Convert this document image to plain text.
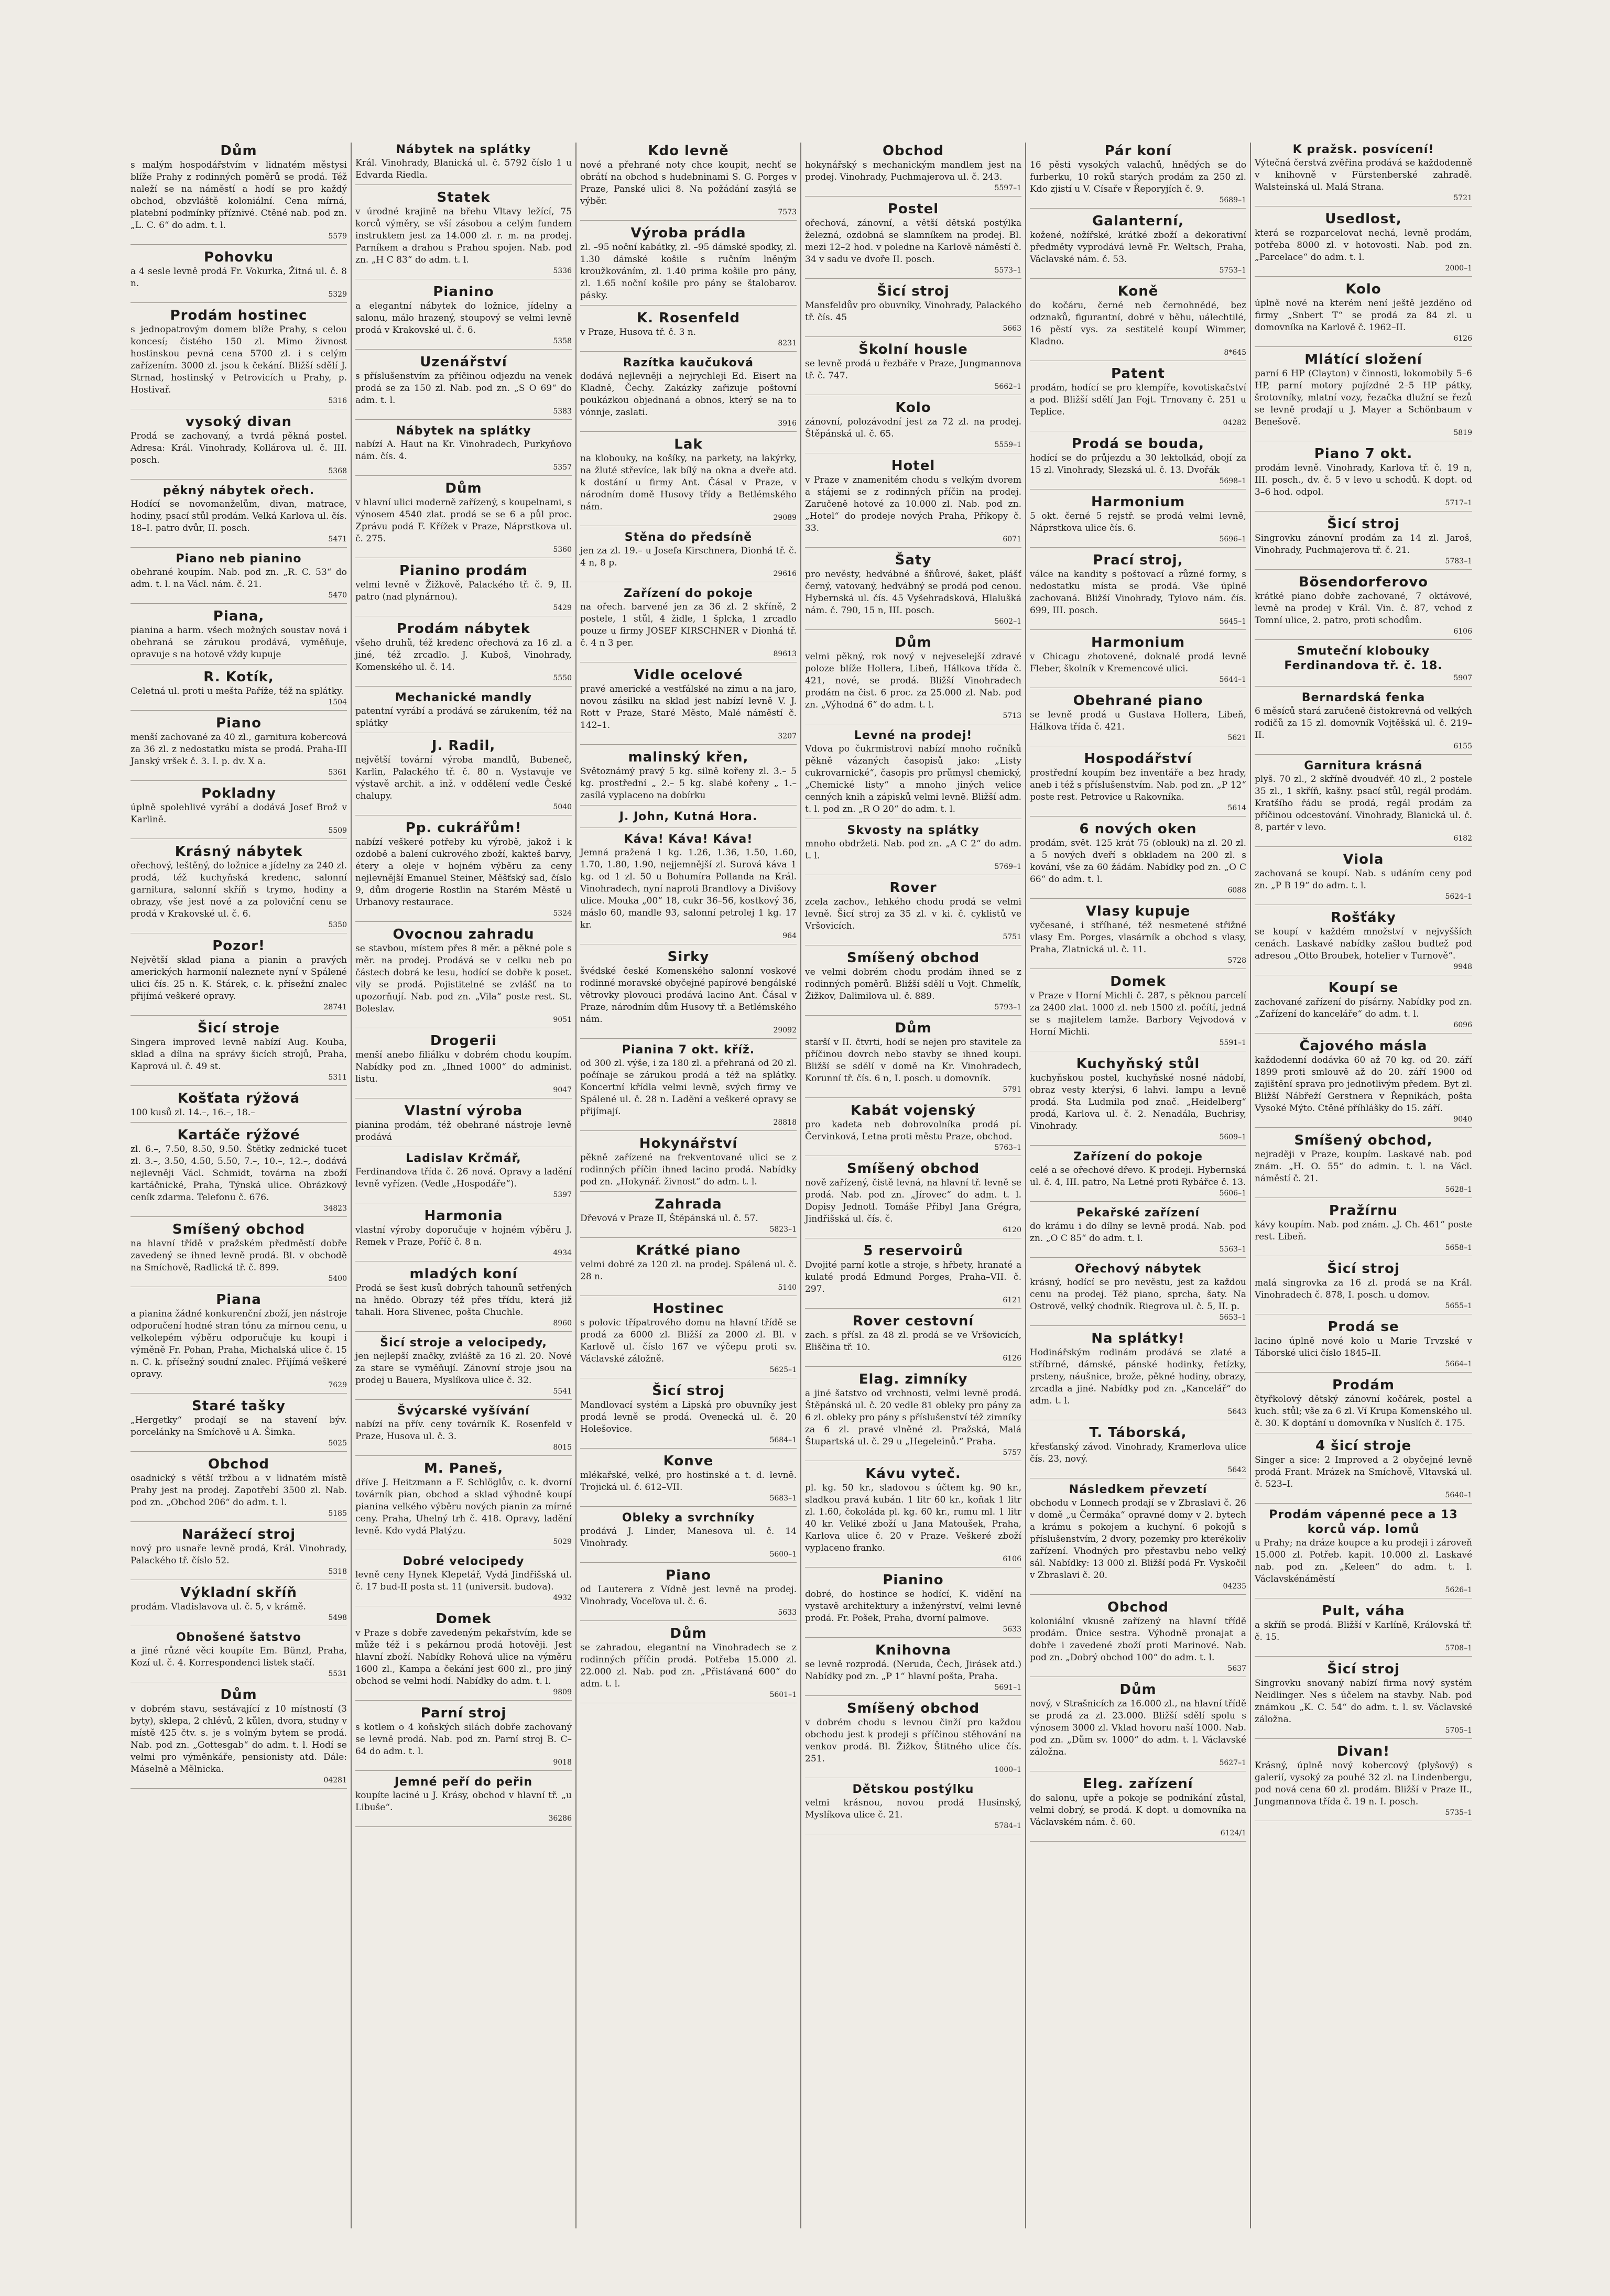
Dům
s malým hospodářstvím v lidnatém městysi blíže Prahy z rodinných poměrů se prodá. Též naleží se na náměstí a hodí se pro každý obchod, obzvláště koloniální. Cena mírná, platební podmínky příznivé. Ctěné nab. pod zn. „L. C. 6“ do adm. t. l.
5579
Pohovku
a 4 sesle levně prodá Fr. Vokurka, Žitná ul. č. 8 n.
5329
Prodám hostinec
s jednopatrovým domem blíže Prahy, s celou koncesí; čistého 150 zl. Mimo živnost hostinskou pevná cena 5700 zl. i s celým zařízením. 3000 zl. jsou k čekání. Bližší sdělí J. Strnad, hostinský v Petrovicích u Prahy, p. Hostivař.
5316
vysoký divan
Prodá se zachovaný, a tvrdá pěkná postel. Adresa: Král. Vinohrady, Kollárova ul. č. III. posch.
5368
pěkný nábytek ořech.
Hodící se novomanželům, divan, matrace, hodiny, psací stůl prodám. Velká Karlova ul. čís. 18–I. patro dvůr, II. posch.
5471
Piano neb pianino
obehrané koupím. Nab. pod zn. „R. C. 53“ do adm. t. l. na Václ. nám. č. 21.
5470
Piana,
pianina a harm. všech možných soustav nová i obehraná se zárukou prodává, vyměňuje, opravuje s na hotově vždy kupuje
R. Kotík,
Celetná ul. proti u mešta Paříže, též na splátky.
1504
Piano
menší zachované za 40 zl., garnitura kobercová za 36 zl. z nedostatku místa se prodá. Praha-III Janský vršek č. 3. I. p. dv. X a.
5361
Pokladny
úplně spolehlivé vyrábí a dodává Josef Brož v Karlině.
5509
Krásný nábytek
ořechový, leštěný, do ložnice a jídelny za 240 zl. prodá, též kuchyňská kredenc, salonní garnitura, salonní skříň s trymo, hodiny a obrazy, vše jest nové a za poloviční cenu se prodá v Krakovské ul. č. 6.
5350
Pozor!
Největší sklad piana a pianin a pravých amerických harmonií naleznete nyní v Spálené ulici čís. 25 n. K. Stárek, c. k. přísežní znalec přijímá veškeré opravy.
28741
Šicí stroje
Singera improved levně nabízí Aug. Kouba, sklad a dílna na správy šicích strojů, Praha, Kaprová ul. č. 49 st.
5311
Košťata rýžová
100 kusů zl. 14.–, 16.–, 18.–
Kartáče rýžové
zl. 6.–, 7.50, 8.50, 9.50. Štětky zednické tucet zl. 3.–, 3.50, 4.50, 5.50, 7.–, 10.–, 12.–, dodává nejlevněji Václ. Schmidt, továrna na zboží kartáčnické, Praha, Týnská ulice. Obrázkový ceník zdarma. Telefonu č. 676.
34823
Smíšený obchod
na hlavní třídě v pražském předměstí dobře zavedený se ihned levně prodá. Bl. v obchodě na Smíchově, Radlická tř. č. 899.
5400
Piana
a pianina žádné konkurenční zboží, jen nástroje odporučení hodné stran tónu za mírnou cenu, u velkolepém výběru odporučuje ku koupi i výměně Fr. Pohan, Praha, Michalská ulice č. 15 n. C. k. přísežný soudní znalec. Přijímá veškeré opravy.
7629
Staré tašky
„Hergetky“ prodají se na stavení býv. porcelánky na Smíchově u A. Šimka.
5025
Obchod
osadnický s větší tržbou a v lidnatém místě Prahy jest na prodej. Zapotřebí 3500 zl. Nab. pod zn. „Obchod 206“ do adm. t. l.
5185
Narážecí stroj
nový pro usnaře levně prodá, Král. Vinohrady, Palackého tř. číslo 52.
5318
Výkladní skříň
prodám. Vladislavova ul. č. 5, v krámě.
5498
Obnošené šatstvo
a jiné různé věci koupíte Em. Bünzl, Praha, Kozí ul. č. 4. Korrespondenci listek stačí.
5531
Dům
v dobrém stavu, sestávající z 10 místností (3 byty), sklepa, 2 chlévů, 2 kůlen, dvora, studny v místě 425 čtv. s. je s volným bytem se prodá. Nab. pod zn. „Gottesgab“ do adm. t. l. Hodí se velmi pro výměnkáře, pensionisty atd. Dále: Máselně a Mělnicka.
04281
Nábytek na splátky
Král. Vinohrady, Blanická ul. č. 5792 číslo 1 u Edvarda Riedla.
Statek
v úrodné krajině na břehu Vltavy ležící, 75 korců výměry, se vší zásobou a celým fundem instruktem jest za 14.000 zl. r. m. na prodej. Parníkem a drahou s Prahou spojen. Nab. pod zn. „H C 83“ do adm. t. l.
5336
Pianino
a elegantní nábytek do ložnice, jídelny a salonu, málo hrazený, stoupový se velmi levně prodá v Krakovské ul. č. 6.
5358
Uzenářství
s příslušenstvím za příčinou odjezdu na venek prodá se za 150 zl. Nab. pod zn. „S O 69“ do adm. t. l.
5383
Nábytek na splátky
nabízí A. Haut na Kr. Vinohradech, Purkyňovo nám. čís. 4.
5357
Dům
v hlavní ulici moderně zařízený, s koupelnami, s výnosem 4540 zlat. prodá se se 6 a půl proc. Zprávu podá F. Křížek v Praze, Náprstkova ul. č. 275.
5360
Pianino prodám
velmi levně v Žižkově, Palackého tř. č. 9, II. patro (nad plynárnou).
5429
Prodám nábytek
všeho druhů, též kredenc ořechová za 16 zl. a jiné, též zrcadlo. J. Kuboš, Vinohrady, Komenského ul. č. 14.
5550
Mechanické mandly
patentní vyrábí a prodává se zárukením, též na splátky
J. Radil,
největší tovární výroba mandlů, Bubeneč, Karlin, Palackého tř. č. 80 n. Vystavuje ve výstavě archit. a inž. v oddělení vedle České chalupy.
5040
Pp. cukrářům!
nabízí veškeré potřeby ku výrobě, jakož i k ozdobě a balení cukrového zboží, kakteš barvy, étery a oleje v hojném výběru za ceny nejlevnější Emanuel Steiner, Měšťský sad, číslo 9, dům drogerie Rostlin na Starém Městě u Urbanovy restaurace.
5324
Ovocnou zahradu
se stavbou, místem přes 8 měr. a pěkné pole s měr. na prodej. Prodává se v celku neb po částech dobrá ke lesu, hodící se dobře k poset. vily se prodá. Pojistitelné se zvlášť na to upozorňují. Nab. pod zn. „Vila“ poste rest. St. Boleslav.
9051
Drogerii
menší anebo filiálku v dobrém chodu koupím. Nabídky pod zn. „Ihned 1000“ do administ. listu.
9047
Vlastní výroba
pianina prodám, též obehrané nástroje levně prodává
Ladislav Krčmář,
Ferdinandova třída č. 26 nová. Opravy a ladění levně vyřízen. (Vedle „Hospodáře“).
5397
Harmonia
vlastní výroby doporučuje v hojném výběru J. Remek v Praze, Poříč č. 8 n.
4934
mladých koní
Prodá se šest kusů dobrých tahounů setřených na hnědo. Obrazy též přes třídu, která již tahali. Hora Slivenec, pošta Chuchle.
8960
Šicí stroje a velocipedy,
jen nejlepší značky, zvláště za 16 zl. 20. Nové za stare se vyměňují. Zánovní stroje jsou na prodej u Bauera, Myslíkova ulice č. 32.
5541
Švýcarské vyšívání
nabízí na přív. ceny továrník K. Rosenfeld v Praze, Husova ul. č. 3.
8015
M. Paneš,
dříve J. Heitzmann a F. Schlöglův, c. k. dvorní továrník pian, obchod a sklad výhodně koupí pianina velkého výběru nových pianin za mírné ceny. Praha, Uhelný trh č. 418. Opravy, ladění levně. Kdo vydá Platýzu.
5029
Dobré velocipedy
levně ceny Hynek Klepetář, Vydá Jindřišská ul. č. 17 bud-II posta st. 11 (universit. budova).
4932
Domek
v Praze s dobře zavedeným pekařstvím, kde se může též i s pekárnou prodá hotověji. Jest hlavní zboží. Nabídky Rohová ulice na výměru 1600 zl., Kampa a čekání jest 600 zl., pro jiný obchod se velmi hodí. Nabídky do adm. t. l.
9809
Parní stroj
s kotlem o 4 koňských silách dobře zachovaný se levně prodá. Nab. pod zn. Parní stroj B. C–64 do adm. t. l.
9018
Jemné peří do peřin
koupíte laciné u J. Krásy, obchod v hlavní tř. „u Libuše“.
36286
Kdo levně
nové a přehrané noty chce koupit, nechť se obrátí na obchod s hudebninami S. G. Porges v Praze, Panské ulici 8. Na požádání zasýlá se výběr.
7573
Výroba prádla
zl. –95 noční kabátky, zl. –95 dámské spodky, zl. 1.30 dámské košile s ručním lněným kroužkováním, zl. 1.40 prima košile pro pány, zl. 1.65 noční košile pro pány se štalobarov. pásky.
K. Rosenfeld
v Praze, Husova tř. č. 3 n.
8231
Razítka kaučuková
dodává nejlevněji a nejrychleji Ed. Eisert na Kladně, Čechy. Zakázky zařizuje poštovní poukázkou objednaná a obnos, který se na to vónnje, zaslati.
3916
Lak
na klobouky, na košíky, na parkety, na lakýrky, na žluté střevíce, lak bílý na okna a dveře atd. k dostání u firmy Ant. Čásal v Praze, v národním domě Husovy třídy a Betlémského nám.
29089
Stěna do předsíně
jen za zl. 19.– u Josefa Kirschnera, Dionhá tř. č. 4 n, 8 p.
29616
Zařízení do pokoje
na ořech. barvené jen za 36 zl. 2 skříně, 2 postele, 1 stůl, 4 židle, 1 šplcka, 1 zrcadlo pouze u firmy JOSEF KIRSCHNER v Dionhá tř. č. 4 n 3 per.
89613
Vidle ocelové
pravé americké a vestfálské na zimu a na jaro, novou zásilku na sklad jest nabízí levně V. J. Rott v Praze, Staré Město, Malé náměstí č. 142–1.
3207
malinský křen,
Světoznámý pravý 5 kg. silně kořeny zl. 3.– 5 kg. prostřední „ 2.– 5 kg. slabé kořeny „ 1.– zasílá vyplaceno na dobírku
J. John, Kutná Hora.
Káva! Káva! Káva!
Jemná pražená 1 kg. 1.26, 1.36, 1.50, 1.60, 1.70, 1.80, 1.90, nejjemnější zl. Surová káva 1 kg. od 1 zl. 50 u Bohumíra Pollanda na Král. Vinohradech, nyní naproti Brandlovy a Divišovy ulice. Mouka „00“ 18, cukr 36–56, kostkový 36, máslo 60, mandle 93, salonní petrolej 1 kg. 17 kr.
964
Sirky
švédské české Komenského salonní voskové rodinné moravské obyčejné papírové bengálské větrovky plovouci prodává lacino Ant. Čásal v Praze, národním dům Husovy tř. a Betlémského nám.
29092
Pianina 7 okt. kříž.
od 300 zl. výše, i za 180 zl. a přehraná od 20 zl. počínaje se zárukou prodá a též na splátky. Koncertní křídla velmi levně, svých firmy ve Spálené ul. č. 28 n. Ladění a veškeré opravy se přijímají.
28818
Hokynářství
pěkně zařízené na frekventované ulici se z rodinných příčin ihned lacino prodá. Nabídky pod zn. „Hokynář. živnost“ do adm. t. l.
Zahrada
Dřevová v Praze II, Štěpánská ul. č. 57.
5823–1
Krátké piano
velmi dobré za 120 zl. na prodej. Spálená ul. č. 28 n.
5140
Hostinec
s polovic třípatrového domu na hlavní třídě se prodá za 6000 zl. Bližší za 2000 zl. Bl. v Karlově ul. číslo 167 ve výčepu proti sv. Václavské záložně.
5625–1
Šicí stroj
Mandlovací systém a Lipská pro obuvníky jest prodá levně se prodá. Ovenecká ul. č. 20 Holešovice.
5684–1
Konve
mlékařské, velké, pro hostinské a t. d. levně. Trojická ul. č. 612–VII.
5683–1
Obleky a svrchníky
prodává J. Linder, Manesova ul. č. 14 Vinohrady.
5600–1
Piano
od Lauterera z Vídně jest levně na prodej. Vinohrady, Voceľova ul. č. 6.
5633
Dům
se zahradou, elegantní na Vinohradech se z rodinných příčin prodá. Potřeba 15.000 zl. 22.000 zl. Nab. pod zn. „Přistávaná 600“ do adm. t. l.
5601–1
Obchod
hokynářský s mechanickým mandlem jest na prodej. Vinohrady, Puchmajerova ul. č. 243.
5597–1
Postel
ořechová, zánovní, a větší dětská postýlka železná, ozdobná se slamníkem na prodej. Bl. mezi 12–2 hod. v poledne na Karlově náměstí č. 34 v sadu ve dvoře II. posch.
5573–1
Šicí stroj
Mansfeldův pro obuvníky, Vinohrady, Palackého tř. čís. 45
5663
Školní housle
se levně prodá u řezbáře v Praze, Jungmannova tř. č. 747.
5662–1
Kolo
zánovní, polozávodní jest za 72 zl. na prodej. Štěpánská ul. č. 65.
5559–1
Hotel
v Praze v znamenitém chodu s velkým dvorem a stájemi se z rodinných příčin na prodej. Zaručeně hotové za 10.000 zl. Nab. pod zn. „Hotel“ do prodeje nových Praha, Příkopy č. 33.
6071
Šaty
pro nevěsty, hedvábné a šňůrové, šaket, plášť černý, vatovaný, hedvábný se prodá pod cenou. Hybernská ul. čís. 45 Vyšehradsková, Hlalušká nám. č. 790, 15 n, III. posch.
5602–1
Dům
velmi pěkný, rok nový v nejveselejší zdravé poloze blíže Hollera, Libeň, Hálkova třída č. 421, nové, se prodá. Bližší Vinohradech prodám na čist. 6 proc. za 25.000 zl. Nab. pod zn. „Výhodná 6“ do adm. t. l.
5713
Levné na prodej!
Vdova po čukrmistrovi nabízí mnoho ročníků pěkně vázaných časopisů jako: „Listy cukrovarnické“, časopis pro průmysl chemický, „Chemické listy“ a mnoho jiných velice cenných knih a zápisků velmi levně. Bližší adm. t. l. pod zn. „R O 20“ do adm. t. l.
Skvosty na splátky
mnoho obdržeti. Nab. pod zn. „A C 2“ do adm. t. l.
5769–1
Rover
zcela zachov., lehkého chodu prodá se velmi levně. Šicí stroj za 35 zl. v ki. č. cyklistů ve Vršovicích.
5751
Smíšený obchod
ve velmi dobrém chodu prodám ihned se z rodinných poměrů. Bližší sdělí u Vojt. Chmelík, Žižkov, Dalimilova ul. č. 889.
5793–1
Dům
starší v II. čtvrti, hodí se nejen pro stavitele za příčinou dovrch nebo stavby se ihned koupi. Bližší se sdělí v domě na Kr. Vinohradech, Korunní tř. čís. 6 n, I. posch. u domovník.
5791
Kabát vojenský
pro kadeta neb dobrovolníka prodá pí. Červinková, Letna proti městu Praze, obchod.
5763–1
Smíšený obchod
nově zařízený, čistě levná, na hlavní tř. levně se prodá. Nab. pod zn. „Jírovec“ do adm. t. l. Dopisy Jednotl. Tomáše Přibyl Jana Grégra, Jindřišská ul. čís. č.
6120
5 reservoirů
Dvojité parní kotle a stroje, s hřbety, hranaté a kulaté prodá Edmund Porges, Praha–VII. č. 297.
6121
Rover cestovní
zach. s přísl. za 48 zl. prodá se ve Vršovicích, Eliščina tř. 10.
6126
Elag. zimníky
a jiné šatstvo od vrchnosti, velmi levně prodá. Štěpánská ul. č. 20 vedle 81 obleky pro pány za 6 zl. obleky pro pány s příslušenství též zimníky za 6 zl. pravé vlněné zl. Pražská, Malá Štupartská ul. č. 29 u „Hegeleinů.“ Praha.
5757
Kávu vyteč.
pl. kg. 50 kr., sladovou s účtem kg. 90 kr., sladkou pravá kubán. 1 litr 60 kr., koňak 1 litr zl. 1.60, čokoláda pl. kg. 60 kr., rumu ml. 1 litr 40 kr. Veliké zboží u Jana Matoušek, Praha, Karlova ulice č. 20 v Praze. Veškeré zboží vyplaceno franko.
6106
Pianino
dobré, do hostince se hodící, K. vidění na vystavě architektury a inženýrství, velmi levně prodá. Fr. Pošek, Praha, dvorní palmove.
5633
Knihovna
se levně rozprodá. (Neruda, Čech, Jirásek atd.) Nabídky pod zn. „P 1“ hlavní pošta, Praha.
5691–1
Smíšený obchod
v dobrém chodu s levnou činží pro každou obchodu jest k prodeji s příčinou stěhování na venkov prodá. Bl. Žižkov, Štitného ulice čís. 251.
1000–1
Dětskou postýlku
velmi krásnou, novou prodá Husinský, Myslíkova ulice č. 21.
5784–1
Pár koní
16 pěsti vysokých valachů, hnědých se do furberku, 10 roků starých prodám za 250 zl. Kdo zjistí u V. Císaře v Řeporyjích č. 9.
5689–1
Galanterní,
kožené, nožířské, krátké zboží a dekorativní předměty vyprodává levně Fr. Weltsch, Praha, Václavské nám. č. 53.
5753–1
Koně
do kočáru, černé neb černohnědé, bez odznaků, figurantní, dobré v běhu, uálechtilé, 16 pěstí vys. za sestitelé koupí Wimmer, Kladno.
8*645
Patent
prodám, hodící se pro klempíře, kovotiskačství a pod. Bližší sdělí Jan Fojt. Trnovany č. 251 u Teplice.
04282
Prodá se bouda,
hodící se do průjezdu a 30 lektolkád, obojí za 15 zl. Vinohrady, Slezská ul. č. 13. Dvořák
5698–1
Harmonium
5 okt. černé 5 rejstř. se prodá velmi levně, Náprstkova ulice čís. 6.
5696–1
Prací stroj,
válce na kandity s poštovací a různé formy, s nedostatku místa se prodá. Vše úplně zachovaná. Bližší Vinohrady, Tylovo nám. čís. 699, III. posch.
5645–1
Harmonium
v Chicagu zhotovené, doknalé prodá levně Fleber, školník v Kremencové ulici.
5644–1
Obehrané piano
se levně prodá u Gustava Hollera, Libeň, Hálkova třída č. 421.
5621
Hospodářství
prostřední koupím bez inventáře a bez hrady, aneb i též s příslušenstvím. Nab. pod zn. „P 12“ poste rest. Petrovice u Rakovníka.
5614
6 nových oken
prodám, svět. 125 krát 75 (oblouk) na zl. 20 zl. a 5 nových dveří s obkladem na 200 zl. s kování, vše za 60 žádám. Nabídky pod zn. „O C 66“ do adm. t. l.
6088
Vlasy kupuje
vyčesané, i stříhané, též nesmetené střižné vlasy Em. Porges, vlasárník a obchod s vlasy, Praha, Zlatnická ul. č. 11.
5728
Domek
v Praze v Horní Michli č. 287, s pěknou parcelí za 2400 zlat. 1000 zl. neb 1500 zl. počítí, jedná se s majitelem tamže. Barbory Vejvodová v Horní Michli.
5591–1
Kuchyňský stůl
kuchyňskou postel, kuchyňské nosné nádobí, obraz vesty kterýsi, 6 lahvi. lampu a levně prodá. Sta Ludmila pod znač. „Heidelberg“ prodá, Karlova ul. č. 2. Nenadála, Buchrisy, Vinohrady.
5609–1
Zařízení do pokoje
celé a se ořechové dřevo. K prodeji. Hybernská ul. č. 4, III. patro, Na Letné proti Rybářce č. 13.
5606–1
Pekařské zařízení
do krámu i do dílny se levně prodá. Nab. pod zn. „O C 85“ do adm. t. l.
5563–1
Ořechový nábytek
krásný, hodící se pro nevěstu, jest za každou cenu na prodej. Též piano, sprcha, šaty. Na Ostrově, velký chodník. Riegrova ul. č. 5, II. p.
5653–1
Na splátky!
Hodinářským rodinám prodává se zlaté a stříbrné, dámské, pánské hodinky, řetízky, prsteny, náušnice, brože, pěkné hodiny, obrazy, zrcadla a jiné. Nabídky pod zn. „Kancelář“ do adm. t. l.
5643
T. Táborská,
křesťanský závod. Vinohrady, Kramerlova ulice čís. 23, nový.
5642
Následkem převzetí
obchodu v Lonnech prodají se v Zbraslavi č. 26 v domě „u Čermáka“ opravné domy v 2. bytech a krámu s pokojem a kuchyní. 6 pokojů s příslušenstvím, 2 dvory, pozemky pro kterékoliv zařízení. Vhodných pro přestavbu nebo velký sál. Nabídky: 13 000 zl. Bližší podá Fr. Vyskočil v Zbraslavi č. 20.
04235
Obchod
koloniální vkusně zařízený na hlavní třídě prodám. Ůnice sestra. Výhodně pronajat a dobře i zavedené zboží proti Marinové. Nab. pod zn. „Dobrý obchod 100“ do adm. t. l.
5637
Dům
nový, v Strašnicích za 16.000 zl., na hlavní třídě se prodá za zl. 23.000. Bližší sdělí spolu s výnosem 3000 zl. Vklad hovoru naší 1000. Nab. pod zn. „Dům sv. 1000“ do adm. t. l. Václavské záložna.
5627–1
Eleg. zařízení
do salonu, upře a pokoje se podnikání zůstal, velmi dobrý, se prodá. K dopt. u domovníka na Václavském nám. č. 60.
6124/1
K pražsk. posvícení!
Výtečná čerstvá zvěřina prodává se každodenně v knihovně v Fürstenberské zahradě. Walsteinská ul. Malá Strana.
5721
Usedlost,
která se rozparcelovat nechá, levně prodám, potřeba 8000 zl. v hotovosti. Nab. pod zn. „Parcelace“ do adm. t. l.
2000–1
Kolo
úplně nové na kterém není ještě jezděno od firmy „Snbert T“ se prodá za 84 zl. u domovníka na Karlově č. 1962–II.
6126
Mlátící složení
parní 6 HP (Clayton) v činnosti, lokomobily 5–6 HP, parní motory pojízdné 2–5 HP pátky, šrotovníky, mlatní vozy, řezačka dlužní se řezů se levně prodají u J. Mayer a Schönbaum v Benešově.
5819
Piano 7 okt.
prodám levně. Vinohrady, Karlova tř. č. 19 n, III. posch., dv. č. 5 v levo u schodů. K dopt. od 3–6 hod. odpol.
5717–1
Šicí stroj
Singrovku zánovní prodám za 14 zl. Jaroš, Vinohrady, Puchmajerova tř. č. 21.
5783–1
Bösendorferovo
krátké piano dobře zachované, 7 oktávové, levně na prodej v Král. Vin. č. 87, vchod z Tomní ulice, 2. patro, proti schodům.
6106
Smuteční klobouky Ferdinandova tř. č. 18.
5907
Bernardská fenka
6 měsíců stará zaručeně čistokrevná od velkých rodičů za 15 zl. domovník Vojtěšská ul. č. 219–II.
6155
Garnitura krásná
plyš. 70 zl., 2 skříně dvoudvéř. 40 zl., 2 postele 35 zl., 1 skříň, kašny. psací stůl, regál prodám. Kratšího řádu se prodá, regál prodám za příčinou odcestování. Vinohrady, Blanická ul. č. 8, partér v levo.
6182
Viola
zachovaná se koupí. Nab. s udáním ceny pod zn. „P B 19“ do adm. t. l.
5624–1
Rošťáky
se koupí v každém množství v nejvyšších cenách. Laskavé nabídky zašlou budtež pod adresou „Otto Broubek, hotelier v Turnově“.
9948
Koupí se
zachované zařízení do písárny. Nabídky pod zn. „Zařízení do kanceláře“ do adm. t. l.
6096
Čajového másla
každodenní dodávka 60 až 70 kg. od 20. září 1899 proti smlouvě až do 20. září 1900 od zajištění sprava pro jednotlivým předem. Byt zl. Bližší Nábřeží Gerstnera v Řepnikách, pošta Vysoké Mýto. Ctěné příhlášky do 15. září.
9040
Smíšený obchod,
nejraději v Praze, koupím. Laskavé nab. pod znám. „H. O. 55“ do admin. t. l. na Václ. náměstí č. 21.
5628–1
Pražírnu
kávy koupím. Nab. pod znám. „J. Ch. 461“ poste rest. Libeň.
5658–1
Šicí stroj
malá singrovka za 16 zl. prodá se na Král. Vinohradech č. 878, I. posch. u domov.
5655–1
Prodá se
lacino úplně nové kolo u Marie Trvzské v Táborské ulici číslo 1845–II.
5664–1
Prodám
čtyřkolový dětský zánovní kočárek, postel a kuch. stůl; vše za 6 zl. Ví Krupa Komenského ul. č. 30. K doptání u domovníka v Nuslích č. 175.
4 šicí stroje
Singer a sice: 2 Improved a 2 obyčejné levně prodá Frant. Mrázek na Smíchově, Vltavská ul. č. 523–I.
5640–1
Prodám vápenné pece a 13 korců váp. lomů
u Prahy; na dráze koupce a ku prodeji i zároveň 15.000 zl. Potřeb. kapit. 10.000 zl. Laskavé nab. pod zn. „Keleen“ do adm. t. l. Václavskénáměstí
5626–1
Pult, váha
a skříň se prodá. Bližší v Karlíně, Královská tř. č. 15.
5708–1
Šicí stroj
Singrovku snovaný nabízí firma nový systém Neidlinger. Nes s účelem na stavby. Nab. pod známkou „K. C. 54“ do adm. t. l. sv. Václavské záložna.
5705–1
Divan!
Krásný, úplně nový kobercový (plyšový) s galerií, vysoký za pouhé 32 zl. na Lindenbergu, pod nová cena 60 zl. prodám. Bližší v Praze II., Jungmannova třída č. 19 n. I. posch.
5735–1
